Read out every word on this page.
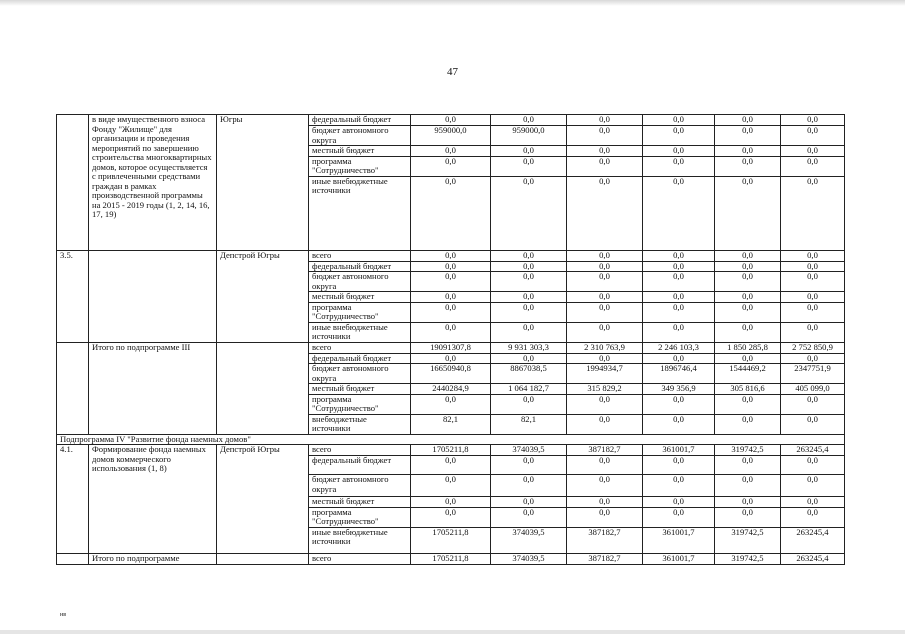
47
	в виде имущественного взноса Фонду "Жилище" для организации и проведения мероприятий по завершению строительства многоквартирных домов, которое осуществляется с привлеченными средствами граждан в рамках производственной программы на 2015 - 2019 годы (1, 2, 14, 16, 17, 19)	Югры	федеральный бюджет	0,0	0,0	0,0	0,0	0,0	0,0
			бюджет автономного округа	959000,0	959000,0	0,0	0,0	0,0	0,0
			местный бюджет	0,0	0,0	0,0	0,0	0,0	0,0
			программа "Сотрудничество"	0,0	0,0	0,0	0,0	0,0	0,0
			иные внебюджетные источники	0,0	0,0	0,0	0,0	0,0	0,0
3.5.		Депстрой Югры	всего	0,0	0,0	0,0	0,0	0,0	0,0
			федеральный бюджет	0,0	0,0	0,0	0,0	0,0	0,0
			бюджет автономного округа	0,0	0,0	0,0	0,0	0,0	0,0
			местный бюджет	0,0	0,0	0,0	0,0	0,0	0,0
			программа "Сотрудничество"	0,0	0,0	0,0	0,0	0,0	0,0
			иные внебюджетные источники	0,0	0,0	0,0	0,0	0,0	0,0
	Итого по подпрограмме III		всего	19091307,8	9 931 303,3	2 310 763,9	2 246 103,3	1 850 285,8	2 752 850,9
			федеральный бюджет	0,0	0,0	0,0	0,0	0,0	0,0
			бюджет автономного округа	16650940,8	8867038,5	1994934,7	1896746,4	1544469,2	2347751,9
			местный бюджет	2440284,9	1 064 182,7	315 829,2	349 356,9	305 816,6	405 099,0
			программа "Сотрудничество"	0,0	0,0	0,0	0,0	0,0	0,0
			внебюджетные источники	82,1	82,1	0,0	0,0	0,0	0,0
Подпрограмма IV "Развитие фонда наемных домов"									
4.1.	Формирование фонда наемных домов коммерческого использования (1, 8)	Депстрой Югры	всего	1705211,8	374039,5	387182,7	361001,7	319742,5	263245,4
			федеральный бюджет	0,0	0,0	0,0	0,0	0,0	0,0
			бюджет автономного округа	0,0	0,0	0,0	0,0	0,0	0,0
			местный бюджет	0,0	0,0	0,0	0,0	0,0	0,0
			программа "Сотрудничество"	0,0	0,0	0,0	0,0	0,0	0,0
			иные внебюджетные источники	1705211,8	374039,5	387182,7	361001,7	319742,5	263245,4
	Итого по подпрограмме		всего	1705211,8	374039,5	387182,7	361001,7	319742,5	263245,4
нв
